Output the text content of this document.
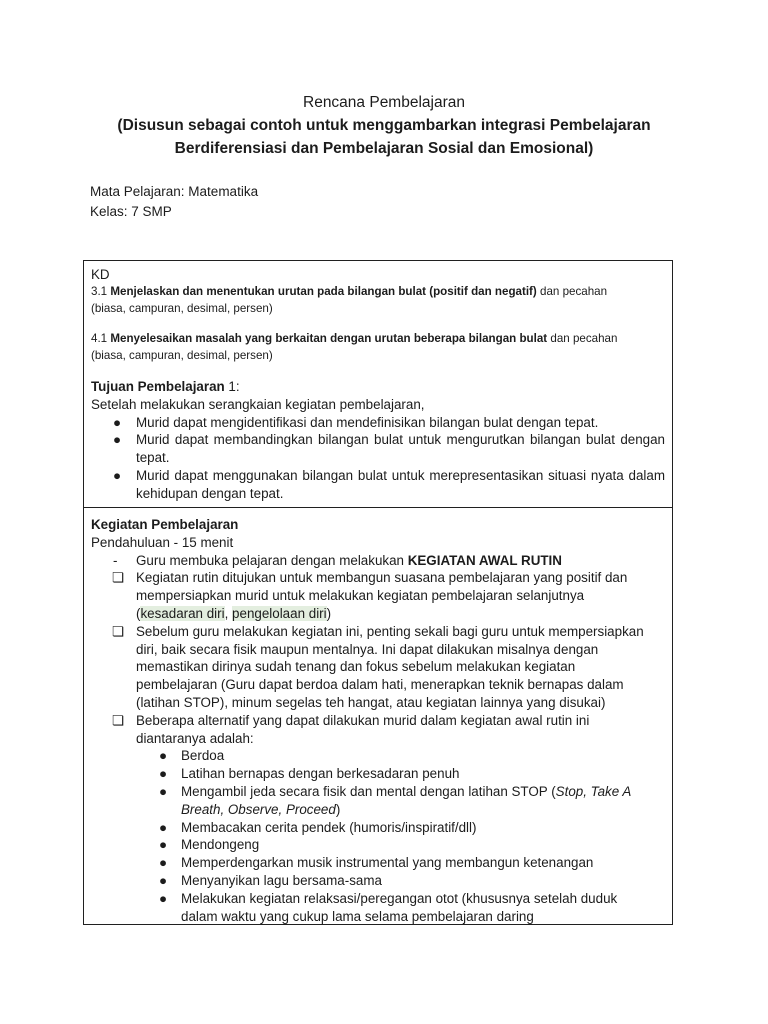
Rencana Pembelajaran
(Disusun sebagai contoh untuk menggambarkan integrasi Pembelajaran
Berdiferensiasi dan Pembelajaran Sosial dan Emosional)
Mata Pelajaran: Matematika
Kelas: 7 SMP
KD
3.1 Menjelaskan dan menentukan urutan pada bilangan bulat (positif dan negatif) dan pecahan
(biasa, campuran, desimal, persen)
4.1 Menyelesaikan masalah yang berkaitan dengan urutan beberapa bilangan bulat dan pecahan
(biasa, campuran, desimal, persen)
Tujuan Pembelajaran 1:
Setelah melakukan serangkaian kegiatan pembelajaran,
● Murid dapat mengidentifikasi dan mendefinisikan bilangan bulat dengan tepat.
● Murid dapat membandingkan bilangan bulat untuk mengurutkan bilangan bulat dengan tepat.
● Murid dapat menggunakan bilangan bulat untuk merepresentasikan situasi nyata dalam kehidupan dengan tepat.
Kegiatan Pembelajaran
Pendahuluan - 15 menit
- Guru membuka pelajaran dengan melakukan KEGIATAN AWAL RUTIN
❏ Kegiatan rutin ditujukan untuk membangun suasana pembelajaran yang positif dan
mempersiapkan murid untuk melakukan kegiatan pembelajaran selanjutnya
(kesadaran diri, pengelolaan diri)
❏ Sebelum guru melakukan kegiatan ini, penting sekali bagi guru untuk mempersiapkan
diri, baik secara fisik maupun mentalnya. Ini dapat dilakukan misalnya dengan
memastikan dirinya sudah tenang dan fokus sebelum melakukan kegiatan
pembelajaran (Guru dapat berdoa dalam hati, menerapkan teknik bernapas dalam
(latihan STOP), minum segelas teh hangat, atau kegiatan lainnya yang disukai)
❏ Beberapa alternatif yang dapat dilakukan murid dalam kegiatan awal rutin ini
diantaranya adalah:
● Berdoa
● Latihan bernapas dengan berkesadaran penuh
● Mengambil jeda secara fisik dan mental dengan latihan STOP (Stop, Take A
Breath, Observe, Proceed)
● Membacakan cerita pendek (humoris/inspiratif/dll)
● Mendongeng
● Memperdengarkan musik instrumental yang membangun ketenangan
● Menyanyikan lagu bersama-sama
● Melakukan kegiatan relaksasi/peregangan otot (khususnya setelah duduk
dalam waktu yang cukup lama selama pembelajaran daring
